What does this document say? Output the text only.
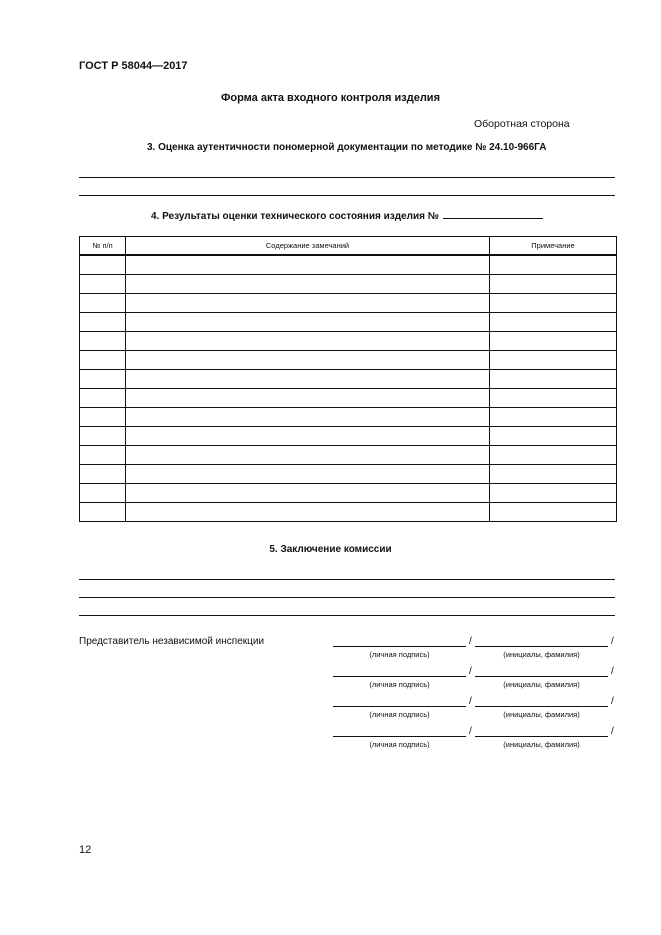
ГОСТ Р 58044—2017
Форма акта входного контроля изделия
Оборотная сторона
3. Оценка аутентичности пономерной документации по методике № 24.10-966ГА
4. Результаты оценки технического состояния изделия №
№ п/п	Содержание замечаний	Примечание

5. Заключение комиссии
Представитель независимой инспекции	/	/
(личная подпись)	(инициалы, фамилия)
/	/
(личная подпись)	(инициалы, фамилия)
/	/
(личная подпись)	(инициалы, фамилия)
/	/
(личная подпись)	(инициалы, фамилия)
12
